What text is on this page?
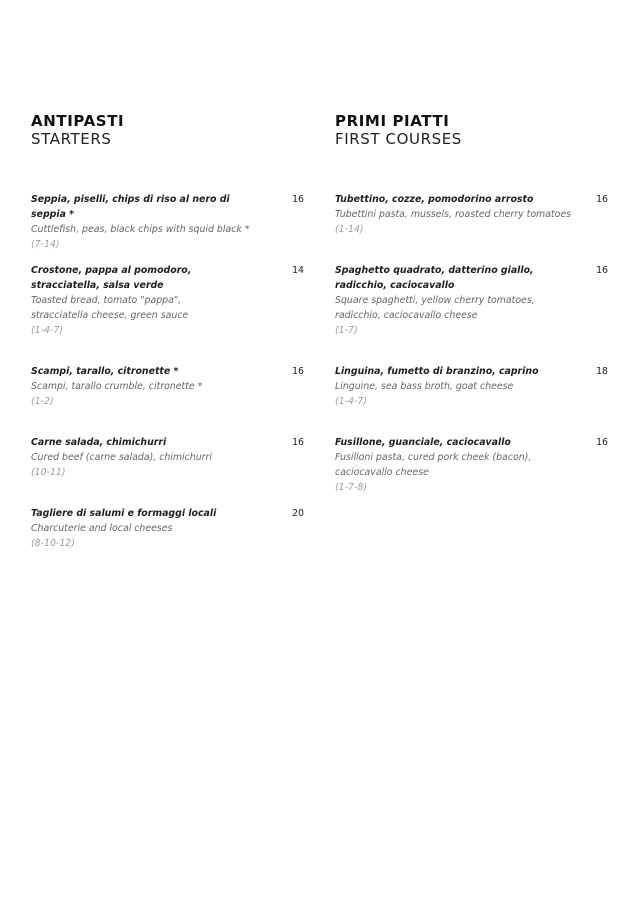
ANTIPASTI
STARTERS
Seppia, piselli, chips di riso al nero di seppia *
Cuttlefish, peas, black chips with squid black *
(7-14)
16
Crostone, pappa al pomodoro, stracciatella, salsa verde
Toasted bread, tomato "pappa", stracciatella cheese, green sauce
(1-4-7)
14
Scampi, tarallo, citronette *
Scampi, tarallo crumble, citronette *
(1-2)
16
Carne salada, chimichurri
Cured beef (carne salada), chimichurri
(10-11)
16
Tagliere di salumi e formaggi locali
Charcuterie and local cheeses
(8-10-12)
20
PRIMI PIATTI
FIRST COURSES
Tubettino, cozze, pomodorino arrosto
Tubettini pasta, mussels, roasted cherry tomatoes
(1-14)
16
Spaghetto quadrato, datterino giallo, radicchio, caciocavallo
Square spaghetti, yellow cherry tomatoes, radicchio, caciocavallo cheese
(1-7)
16
Linguina, fumetto di branzino, caprino
Linguine, sea bass broth, goat cheese
(1-4-7)
18
Fusillone, guanciale, caciocavallo
Fusilloni pasta, cured pork cheek (bacon), caciocavallo cheese
(1-7-8)
16
